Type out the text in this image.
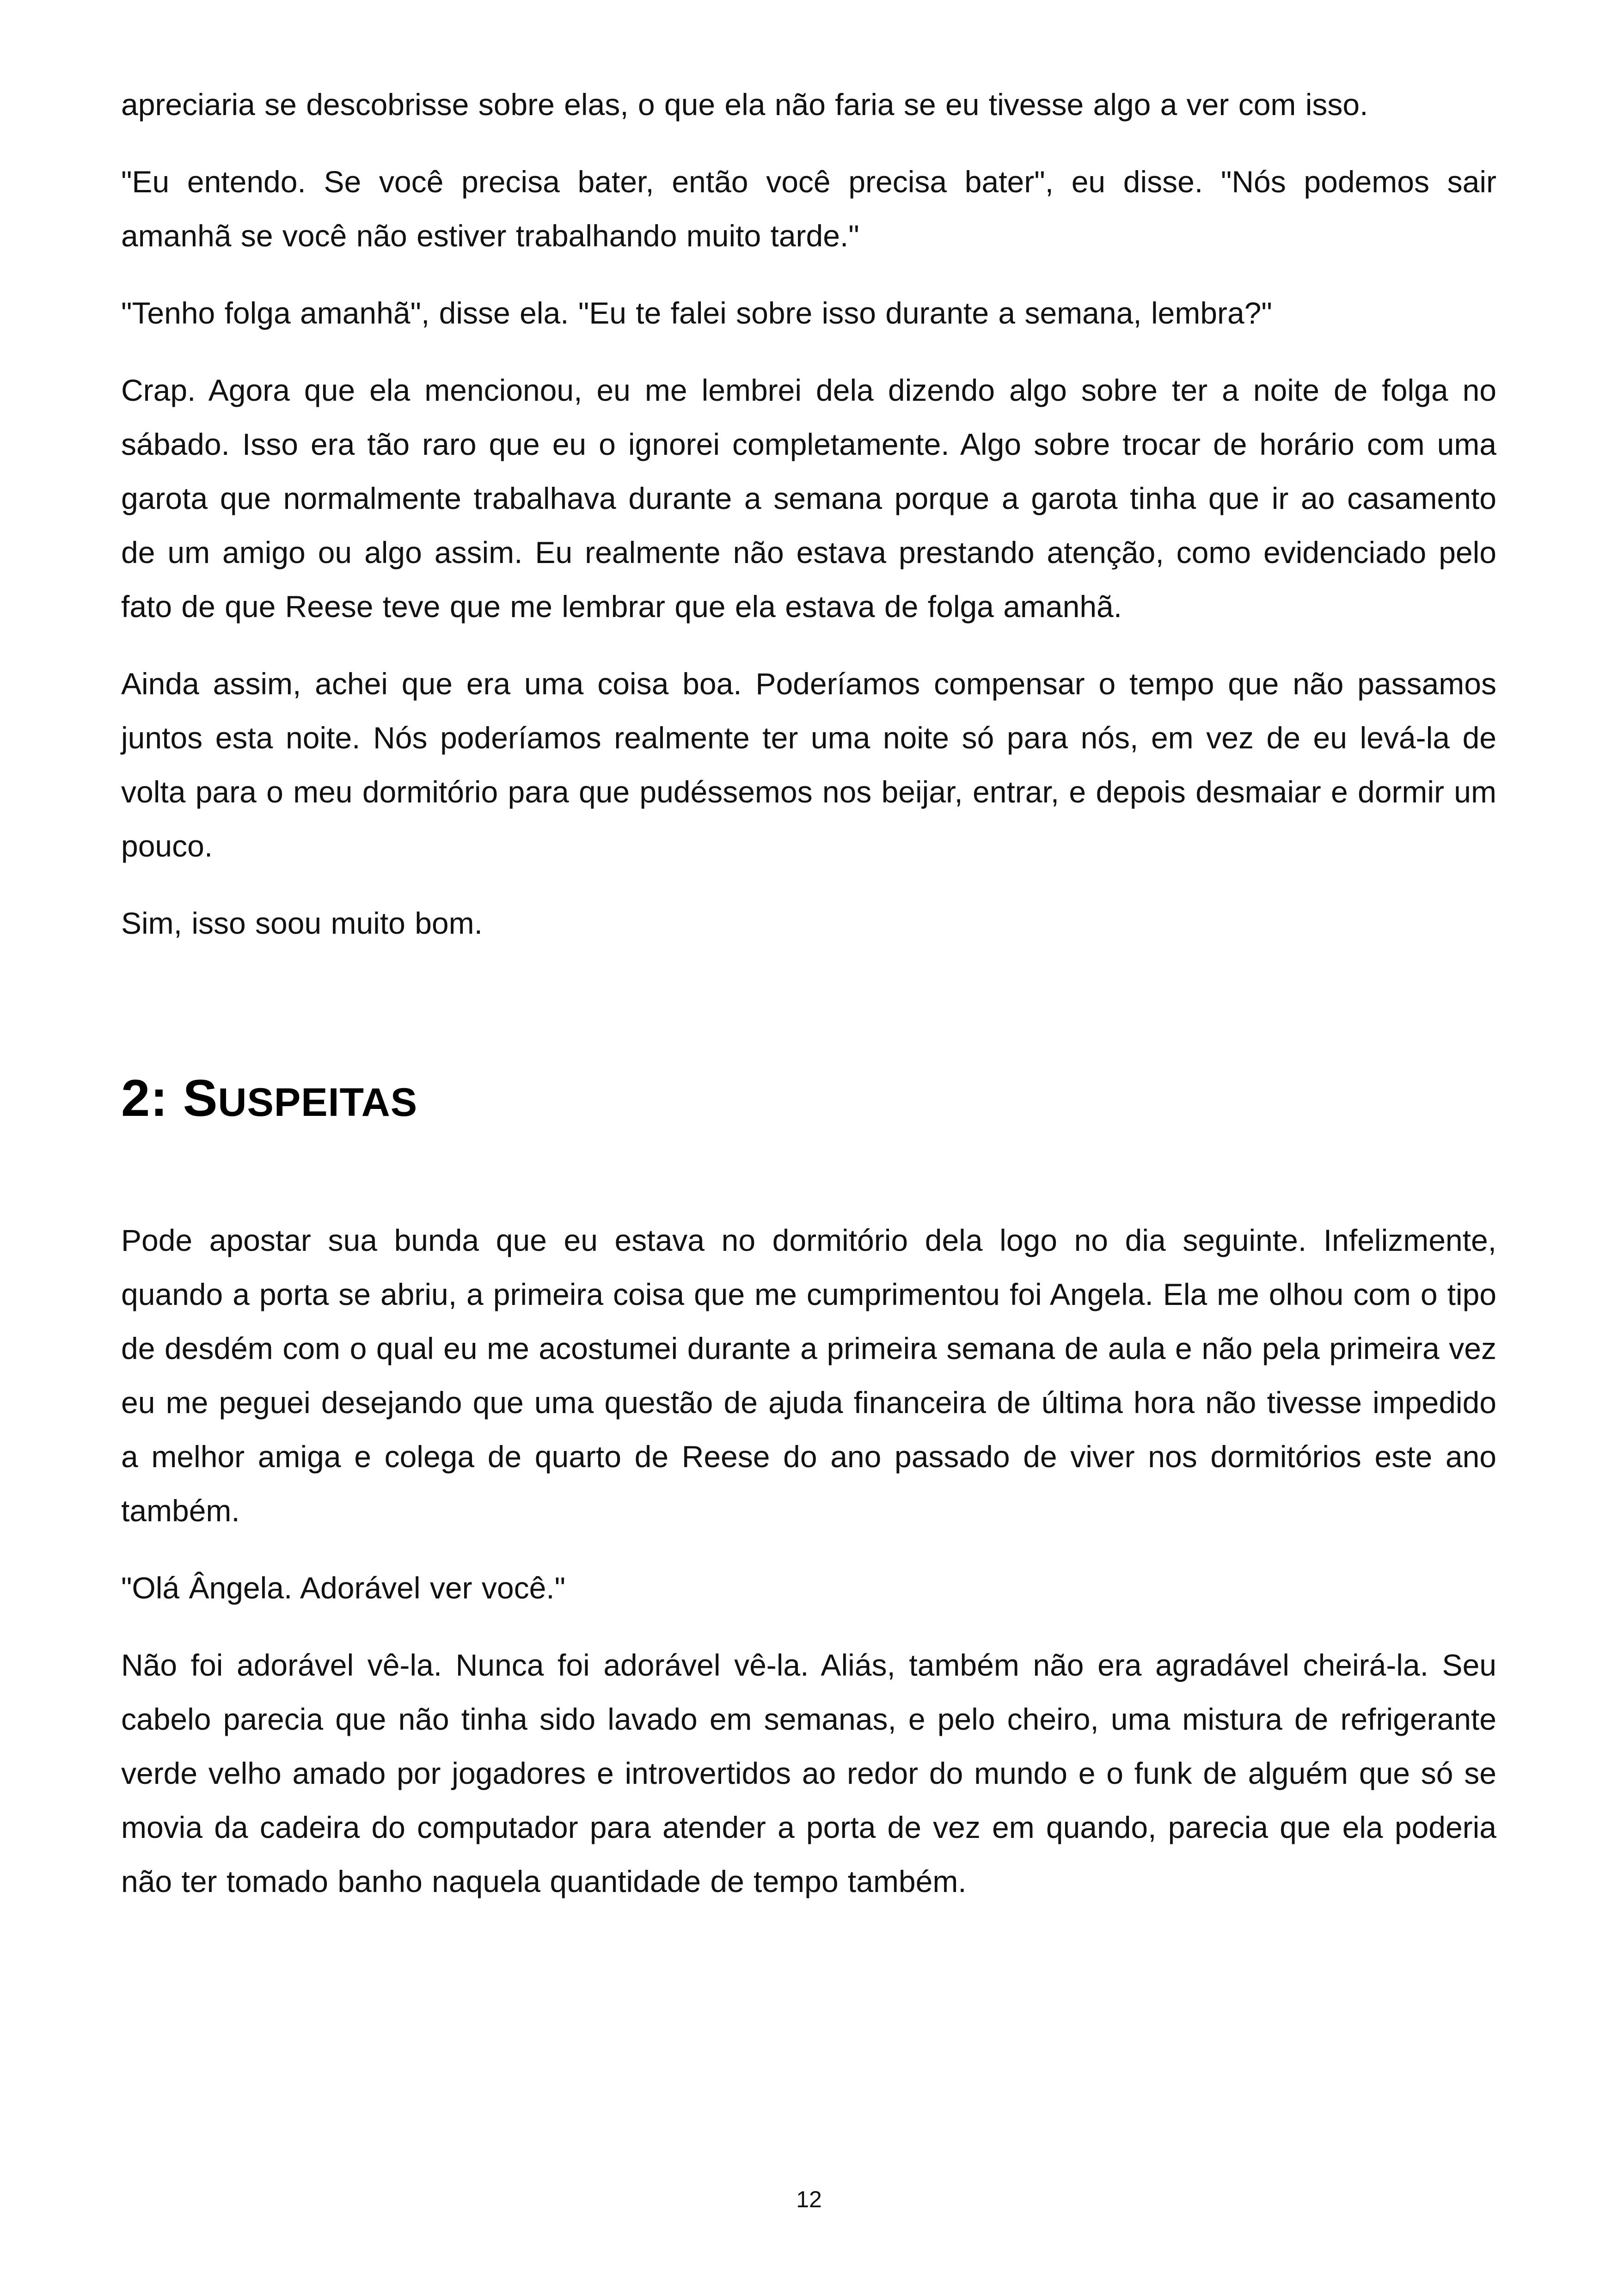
apreciaria se descobrisse sobre elas, o que ela não faria se eu tivesse algo a ver com isso.

"Eu entendo. Se você precisa bater, então você precisa bater", eu disse. "Nós podemos sair amanhã se você não estiver trabalhando muito tarde."

"Tenho folga amanhã", disse ela. "Eu te falei sobre isso durante a semana, lembra?"

Crap. Agora que ela mencionou, eu me lembrei dela dizendo algo sobre ter a noite de folga no sábado. Isso era tão raro que eu o ignorei completamente. Algo sobre trocar de horário com uma garota que normalmente trabalhava durante a semana porque a garota tinha que ir ao casamento de um amigo ou algo assim. Eu realmente não estava prestando atenção, como evidenciado pelo fato de que Reese teve que me lembrar que ela estava de folga amanhã.

Ainda assim, achei que era uma coisa boa. Poderíamos compensar o tempo que não passamos juntos esta noite. Nós poderíamos realmente ter uma noite só para nós, em vez de eu levá-la de volta para o meu dormitório para que pudéssemos nos beijar, entrar, e depois desmaiar e dormir um pouco.

Sim, isso soou muito bom.

2: SUSPEITAS

Pode apostar sua bunda que eu estava no dormitório dela logo no dia seguinte. Infelizmente, quando a porta se abriu, a primeira coisa que me cumprimentou foi Angela. Ela me olhou com o tipo de desdém com o qual eu me acostumei durante a primeira semana de aula e não pela primeira vez eu me peguei desejando que uma questão de ajuda financeira de última hora não tivesse impedido a melhor amiga e colega de quarto de Reese do ano passado de viver nos dormitórios este ano também.

"Olá Ângela. Adorável ver você."

Não foi adorável vê-la. Nunca foi adorável vê-la. Aliás, também não era agradável cheirá-la. Seu cabelo parecia que não tinha sido lavado em semanas, e pelo cheiro, uma mistura de refrigerante verde velho amado por jogadores e introvertidos ao redor do mundo e o funk de alguém que só se movia da cadeira do computador para atender a porta de vez em quando, parecia que ela poderia não ter tomado banho naquela quantidade de tempo também.

12
